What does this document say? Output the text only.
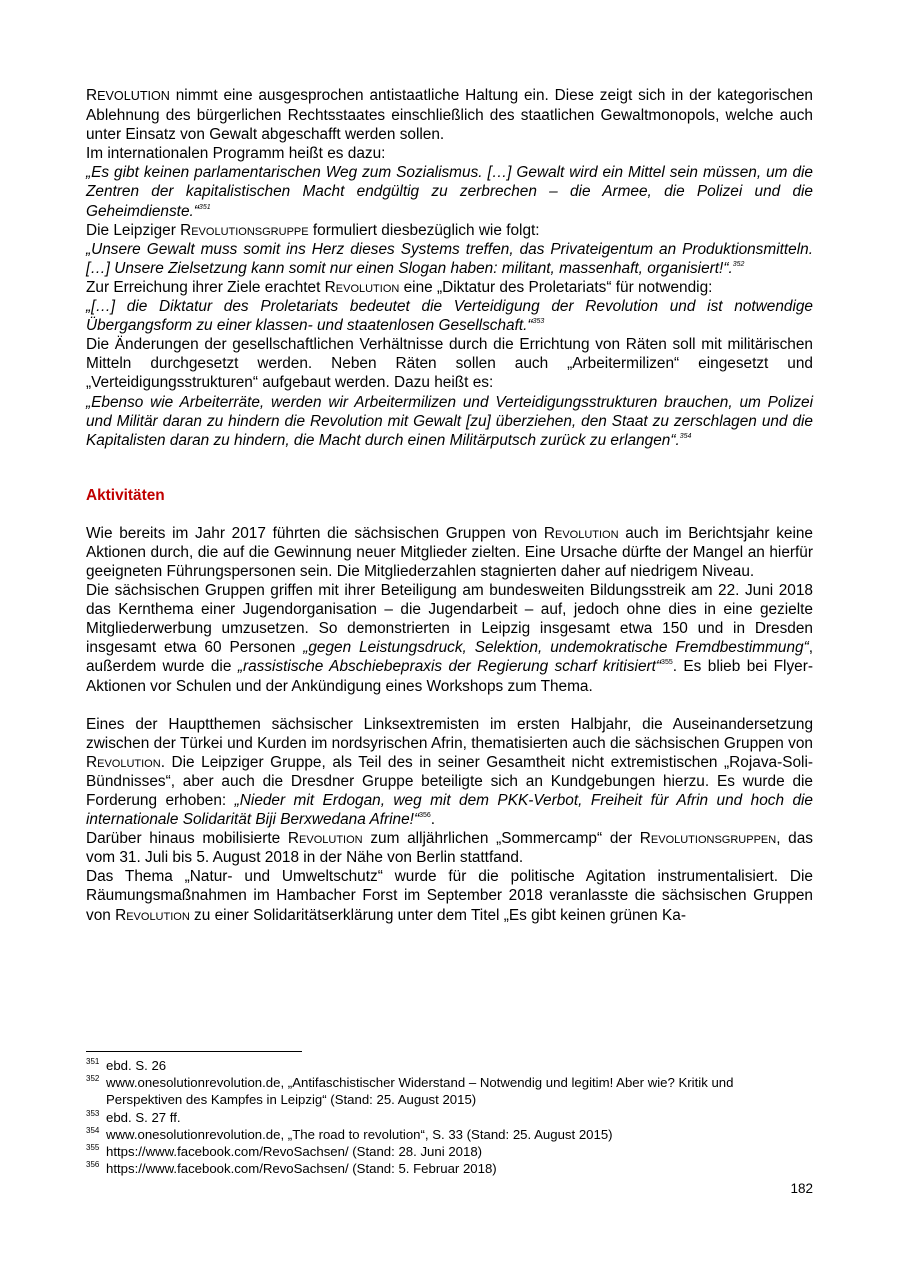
REVOLUTION nimmt eine ausgesprochen antistaatliche Haltung ein. Diese zeigt sich in der kategorischen Ablehnung des bürgerlichen Rechtsstaates einschließlich des staatlichen Gewaltmonopols, welche auch unter Einsatz von Gewalt abgeschafft werden sollen.

Im internationalen Programm heißt es dazu:

„Es gibt keinen parlamentarischen Weg zum Sozialismus. […] Gewalt wird ein Mittel sein müssen, um die Zentren der kapitalistischen Macht endgültig zu zerbrechen – die Armee, die Polizei und die Geheimdienste.“$^{351}$

Die Leipziger Revolutionsgruppe formuliert diesbezüglich wie folgt:

„Unsere Gewalt muss somit ins Herz dieses Systems treffen, das Privateigentum an Produktionsmitteln. […] Unsere Zielsetzung kann somit nur einen Slogan haben: militant, massenhaft, organisiert!“.$^{352}$

Zur Erreichung ihrer Ziele erachtet Revolution eine „Diktatur des Proletariats“ für notwendig:

„[…] die Diktatur des Proletariats bedeutet die Verteidigung der Revolution und ist notwendige Übergangsform zu einer klassen- und staatenlosen Gesellschaft.“$^{353}$

Die Änderungen der gesellschaftlichen Verhältnisse durch die Errichtung von Räten soll mit militärischen Mitteln durchgesetzt werden. Neben Räten sollen auch „Arbeitermilizen“ eingesetzt und „Verteidigungsstrukturen“ aufgebaut werden. Dazu heißt es:

„Ebenso wie Arbeiterräte, werden wir Arbeitermilizen und Verteidigungsstrukturen brauchen, um Polizei und Militär daran zu hindern die Revolution mit Gewalt [zu] überziehen, den Staat zu zerschlagen und die Kapitalisten daran zu hindern, die Macht durch einen Militärputsch zurück zu erlangen“.$^{354}$

Aktivitäten

Wie bereits im Jahr 2017 führten die sächsischen Gruppen von Revolution auch im Berichtsjahr keine Aktionen durch, die auf die Gewinnung neuer Mitglieder zielten. Eine Ursache dürfte der Mangel an hierfür geeigneten Führungspersonen sein. Die Mitgliederzahlen stagnierten daher auf niedrigem Niveau.

Die sächsischen Gruppen griffen mit ihrer Beteiligung am bundesweiten Bildungsstreik am 22. Juni 2018 das Kernthema einer Jugendorganisation – die Jugendarbeit – auf, jedoch ohne dies in eine gezielte Mitgliederwerbung umzusetzen. So demonstrierten in Leipzig insgesamt etwa 150 und in Dresden insgesamt etwa 60 Personen „gegen Leistungsdruck, Selektion, undemokratische Fremdbestimmung“, außerdem wurde die „rassistische Abschiebepraxis der Regierung scharf kritisiert“$^{355}$. Es blieb bei Flyer-Aktionen vor Schulen und der Ankündigung eines Workshops zum Thema.

Eines der Hauptthemen sächsischer Linksextremisten im ersten Halbjahr, die Auseinandersetzung zwischen der Türkei und Kurden im nordsyrischen Afrin, thematisierten auch die sächsischen Gruppen von Revolution. Die Leipziger Gruppe, als Teil des in seiner Gesamtheit nicht extremistischen „Rojava-Soli-Bündnisses“, aber auch die Dresdner Gruppe beteiligte sich an Kundgebungen hierzu. Es wurde die Forderung erhoben: „Nieder mit Erdogan, weg mit dem PKK-Verbot, Freiheit für Afrin und hoch die internationale Solidarität Biji Berxwedana Afrine!“$^{356}$.

Darüber hinaus mobilisierte Revolution zum alljährlichen „Sommercamp“ der Revolutionsgruppen, das vom 31. Juli bis 5. August 2018 in der Nähe von Berlin stattfand.

Das Thema „Natur- und Umweltschutz“ wurde für die politische Agitation instrumentalisiert. Die Räumungsmaßnahmen im Hambacher Forst im September 2018 veranlasste die sächsischen Gruppen von Revolution zu einer Solidaritätserklärung unter dem Titel „Es gibt keinen grünen Ka-

351 ebd. S. 26
352 www.onesolutionrevolution.de, „Antifaschistischer Widerstand – Notwendig und legitim! Aber wie? Kritik und Perspektiven des Kampfes in Leipzig“ (Stand: 25. August 2015)
353 ebd. S. 27 ff.
354 www.onesolutionrevolution.de, „The road to revolution“, S. 33 (Stand: 25. August 2015)
355 https://www.facebook.com/RevoSachsen/ (Stand: 28. Juni 2018)
356 https://www.facebook.com/RevoSachsen/ (Stand: 5. Februar 2018)
182
